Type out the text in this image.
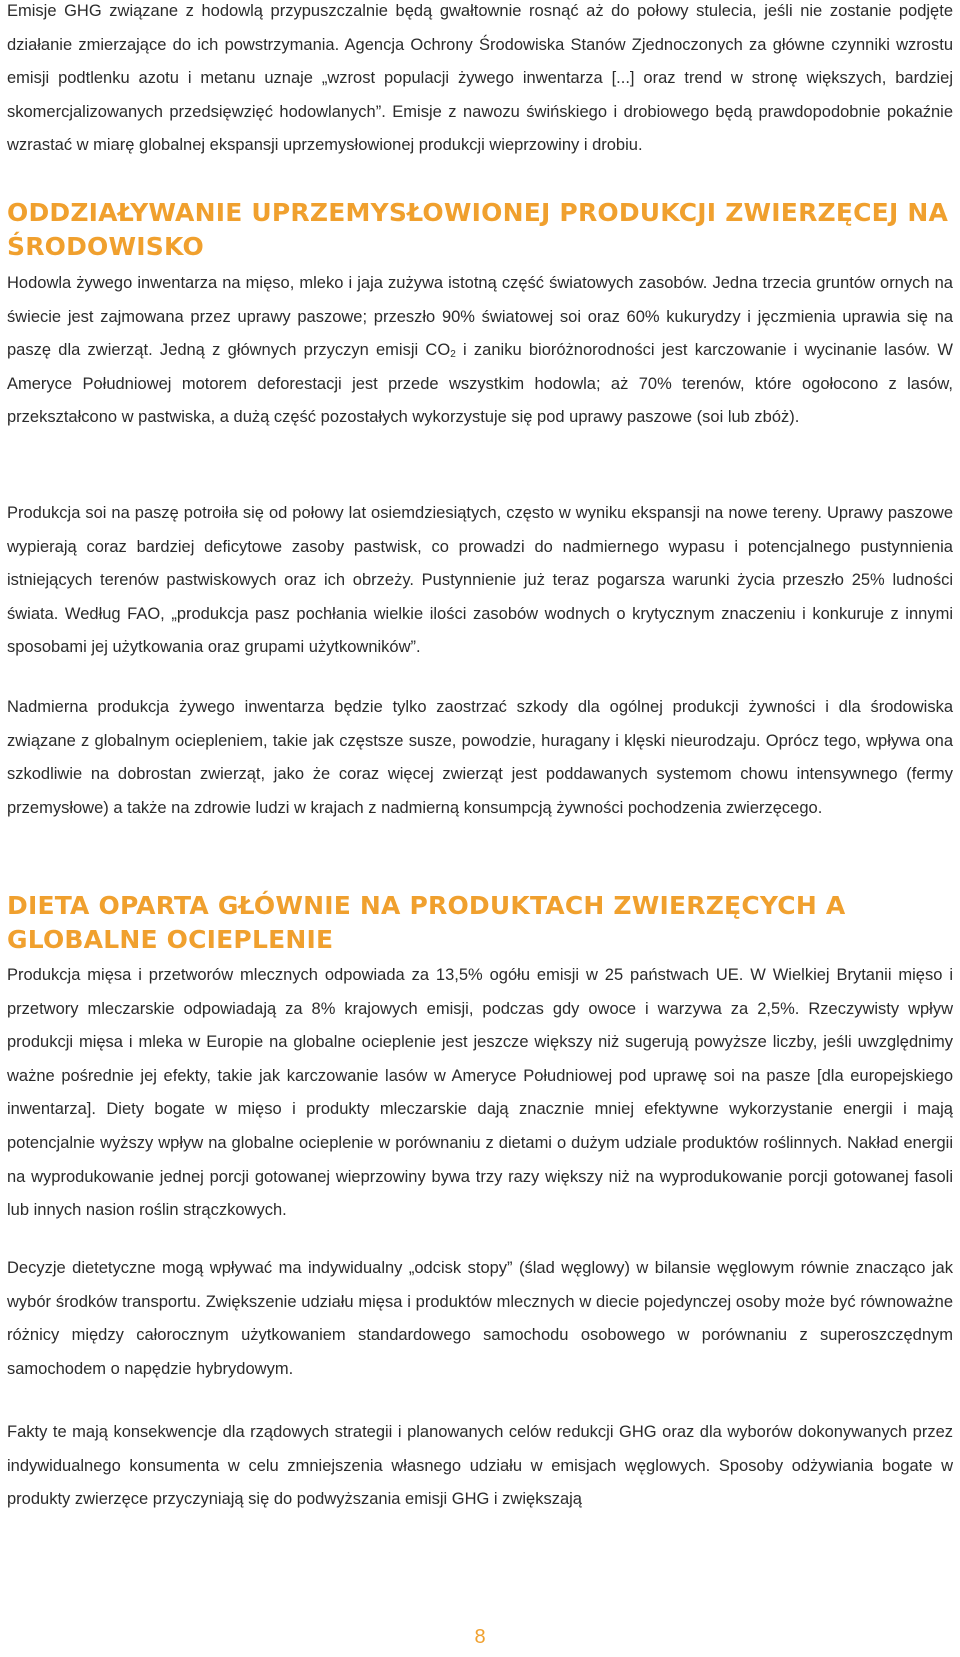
Emisje GHG związane z hodowlą przypuszczalnie będą gwałtownie rosnąć aż do połowy stulecia, jeśli nie zostanie podjęte działanie zmierzające do ich powstrzymania. Agencja Ochrony Środowiska Stanów Zjednoczonych za główne czynniki wzrostu emisji podtlenku azotu i metanu uznaje „wzrost populacji żywego inwentarza [...] oraz trend w stronę większych, bardziej skomercjalizowanych przedsięwzięć hodowlanych”. Emisje z nawozu świńskiego i drobiowego będą prawdopodobnie pokaźnie wzrastać w miarę globalnej ekspansji uprzemysłowionej produkcji wieprzowiny i drobiu.

ODDZIAŁYWANIE UPRZEMYSŁOWIONEJ PRODUKCJI ZWIERZĘCEJ NA ŚRODOWISKO

Hodowla żywego inwentarza na mięso, mleko i jaja zużywa istotną część światowych zasobów. Jedna trzecia gruntów ornych na świecie jest zajmowana przez uprawy paszowe; przeszło 90% światowej soi oraz 60% kukurydzy i jęczmienia uprawia się na paszę dla zwierząt. Jedną z głównych przyczyn emisji $CO_2$ i zaniku bioróżnorodności jest karczowanie i wycinanie lasów. W Ameryce Południowej motorem deforestacji jest przede wszystkim hodowla; aż 70% terenów, które ogołocono z lasów, przekształcono w pastwiska, a dużą część pozostałych wykorzystuje się pod uprawy paszowe (soi lub zbóż).

Produkcja soi na paszę potroiła się od połowy lat osiemdziesiątych, często w wyniku ekspansji na nowe tereny. Uprawy paszowe wypierają coraz bardziej deficytowe zasoby pastwisk, co prowadzi do nadmiernego wypasu i potencjalnego pustynnienia istniejących terenów pastwiskowych oraz ich obrzeży. Pustynnienie już teraz pogarsza warunki życia przeszło 25% ludności świata. Według FAO, „produkcja pasz pochłania wielkie ilości zasobów wodnych o krytycznym znaczeniu i konkuruje z innymi sposobami jej użytkowania oraz grupami użytkowników”.

Nadmierna produkcja żywego inwentarza będzie tylko zaostrzać szkody dla ogólnej produkcji żywności i dla środowiska związane z globalnym ociepleniem, takie jak częstsze susze, powodzie, huragany i klęski nieurodzaju. Oprócz tego, wpływa ona szkodliwie na dobrostan zwierząt, jako że coraz więcej zwierząt jest poddawanych systemom chowu intensywnego (fermy przemysłowe) a także na zdrowie ludzi w krajach z nadmierną konsumpcją żywności pochodzenia zwierzęcego.

DIETA OPARTA GŁÓWNIE NA PRODUKTACH ZWIERZĘCYCH A GLOBALNE OCIEPLENIE

Produkcja mięsa i przetworów mlecznych odpowiada za 13,5% ogółu emisji w 25 państwach UE. W Wielkiej Brytanii mięso i przetwory mleczarskie odpowiadają za 8% krajowych emisji, podczas gdy owoce i warzywa za 2,5%. Rzeczywisty wpływ produkcji mięsa i mleka w Europie na globalne ocieplenie jest jeszcze większy niż sugerują powyższe liczby, jeśli uwzględnimy ważne pośrednie jej efekty, takie jak karczowanie lasów w Ameryce Południowej pod uprawę soi na pasze [dla europejskiego inwentarza]. Diety bogate w mięso i produkty mleczarskie dają znacznie mniej efektywne wykorzystanie energii i mają potencjalnie wyższy wpływ na globalne ocieplenie w porównaniu z dietami o dużym udziale produktów roślinnych. Nakład energii na wyprodukowanie jednej porcji gotowanej wieprzowiny bywa trzy razy większy niż na wyprodukowanie porcji gotowanej fasoli lub innych nasion roślin strączkowych.

Decyzje dietetyczne mogą wpływać ma indywidualny „odcisk stopy” (ślad węglowy) w bilansie węglowym równie znacząco jak wybór środków transportu. Zwiększenie udziału mięsa i produktów mlecznych w diecie pojedynczej osoby może być równoważne różnicy między całorocznym użytkowaniem standardowego samochodu osobowego w porównaniu z superoszczędnym samochodem o napędzie hybrydowym.

Fakty te mają konsekwencje dla rządowych strategii i planowanych celów redukcji GHG oraz dla wyborów dokonywanych przez indywidualnego konsumenta w celu zmniejszenia własnego udziału w emisjach węglowych. Sposoby odżywiania bogate w produkty zwierzęce przyczyniają się do podwyższania emisji GHG i zwiększają

8
